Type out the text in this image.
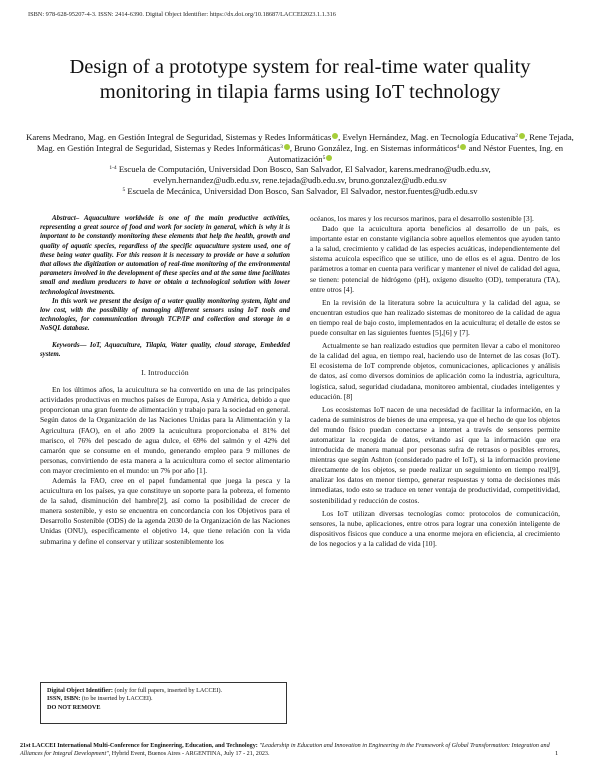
ISBN: 978-628-95207-4-3. ISSN: 2414-6390. Digital Object Identifier: https://dx.doi.org/10.18687/LACCEI2023.1.1.316
Design of a prototype system for real-time water quality monitoring in tilapia farms using IoT technology
Karens Medrano, Mag. en Gestión Integral de Seguridad, Sistemas y Redes Informáticas , Evelyn Hernández, Mag. en Tecnología Educativa$^2$ , Rene Tejada, Mag. en Gestión Integral de Seguridad, Sistemas y Redes Informáticas$^3$ , Bruno González, Ing. en Sistemas informáticos$^4$ and Néstor Fuentes, Ing. en Automatización$^5$
$^{1-4}$ Escuela de Computación, Universidad Don Bosco, San Salvador, El Salvador, karens.medrano@udb.edu.sv,
evelyn.hernandez@udb.edu.sv, rene.tejada@udb.edu.sv, bruno.gonzalez@udb.edu.sv
$^5$ Escuela de Mecánica, Universidad Don Bosco, San Salvador, El Salvador, nestor.fuentes@udb.edu.sv

Abstract– Aquaculture worldwide is one of the main productive activities, representing a great source of food and work for society in general, which is why it is important to be constantly monitoring these elements that help the health, growth and quality of aquatic species, regardless of the specific aquaculture system used, one of these being water quality. For this reason it is necessary to provide or have a solution that allows the digitization or automation of real-time monitoring of the environmental parameters involved in the development of these species and at the same time facilitates small and medium producers to have or obtain a technological solution with lower technological investments.

In this work we present the design of a water quality monitoring system, light and low cost, with the possibility of managing different sensors using IoT tools and technologies, for communication through TCP/IP and collection and storage in a NoSQL database.

Keywords— IoT, Aquaculture, Tilapia, Water quality, cloud storage, Embedded system.

I. Introducción

En los últimos años, la acuicultura se ha convertido en una de las principales actividades productivas en muchos países de Europa, Asia y América, debido a que proporcionan una gran fuente de alimentación y trabajo para la sociedad en general. Según datos de la Organización de las Naciones Unidas para la Alimentación y la Agricultura (FAO), en el año 2009 la acuicultura proporcionaba el 81% del marisco, el 76% del pescado de agua dulce, el 69% del salmón y el 42% del camarón que se consume en el mundo, generando empleo para 9 millones de personas, convirtiendo de esta manera a la acuicultura como el sector alimentario con mayor crecimiento en el mundo: un 7% por año [1].

Además la FAO, cree en el papel fundamental que juega la pesca y la acuicultura en los países, ya que constituye un soporte para la pobreza, el fomento de la salud, disminución del hambre[2], así como la posibilidad de crecer de manera sostenible, y esto se encuentra en concordancia con los Objetivos para el Desarrollo Sostenible (ODS) de la agenda 2030 de la Organización de las Naciones Unidas (ONU), específicamente el objetivo 14, que tiene relación con la vida submarina y define el conservar y utilizar sosteniblemente los

océanos, los mares y los recursos marinos, para el desarrollo sostenible [3].

Dado que la acuicultura aporta beneficios al desarrollo de un país, es importante estar en constante vigilancia sobre aquellos elementos que ayuden tanto a la salud, crecimiento y calidad de las especies acuáticas, independientemente del sistema acuícola específico que se utilice, uno de ellos es el agua. Dentro de los parámetros a tomar en cuenta para verificar y mantener el nivel de calidad del agua, se tienen: potencial de hidrógeno (pH), oxígeno disuelto (OD), temperatura (TA), entre otros [4].

En la revisión de la literatura sobre la acuicultura y la calidad del agua, se encuentran estudios que han realizado sistemas de monitoreo de la calidad de agua en tiempo real de bajo costo, implementados en la acuicultura; el detalle de estos se puede consultar en las siguientes fuentes [5],[6] y [7].

Actualmente se han realizado estudios que permiten llevar a cabo el monitoreo de la calidad del agua, en tiempo real, haciendo uso de Internet de las cosas (IoT). El ecosistema de IoT comprende objetos, comunicaciones, aplicaciones y análisis de datos, así como diversos dominios de aplicación como la industria, agricultura, logística, salud, seguridad ciudadana, monitoreo ambiental, ciudades inteligentes y educación. [8]

Los ecosistemas IoT nacen de una necesidad de facilitar la información, en la cadena de suministros de bienes de una empresa, ya que el hecho de que los objetos del mundo físico puedan conectarse a internet a través de sensores permite automatizar la recogida de datos, evitando así que la información que era introducida de manera manual por personas sufra de retrasos o posibles errores, mientras que según Ashton (considerado padre el IoT), si la información proviene directamente de los objetos, se puede realizar un seguimiento en tiempo real[9], analizar los datos en menor tiempo, generar respuestas y toma de decisiones más inmediatas, todo esto se traduce en tener ventaja de productividad, competitividad, sostenibilidad y reducción de costos.

Los IoT utilizan diversas tecnologías como: protocolos de comunicación, sensores, la nube, aplicaciones, entre otros para lograr una conexión inteligente de dispositivos físicos que conduce a una enorme mejora en eficiencia, al crecimiento de los negocios y a la calidad de vida [10].

Digital Object Identifier: (only for full papers, inserted by LACCEI).
ISSN, ISBN: (to be inserted by LACCEI).
DO NOT REMOVE
21st LACCEI International Multi-Conference for Engineering, Education, and Technology: "Leadership in Education and Innovation in Engineering in the Framework of Global Transformation: Integration and Alliances for Integral Development", Hybrid Event, Buenos Aires - ARGENTINA, July 17 - 21, 2023.	1
